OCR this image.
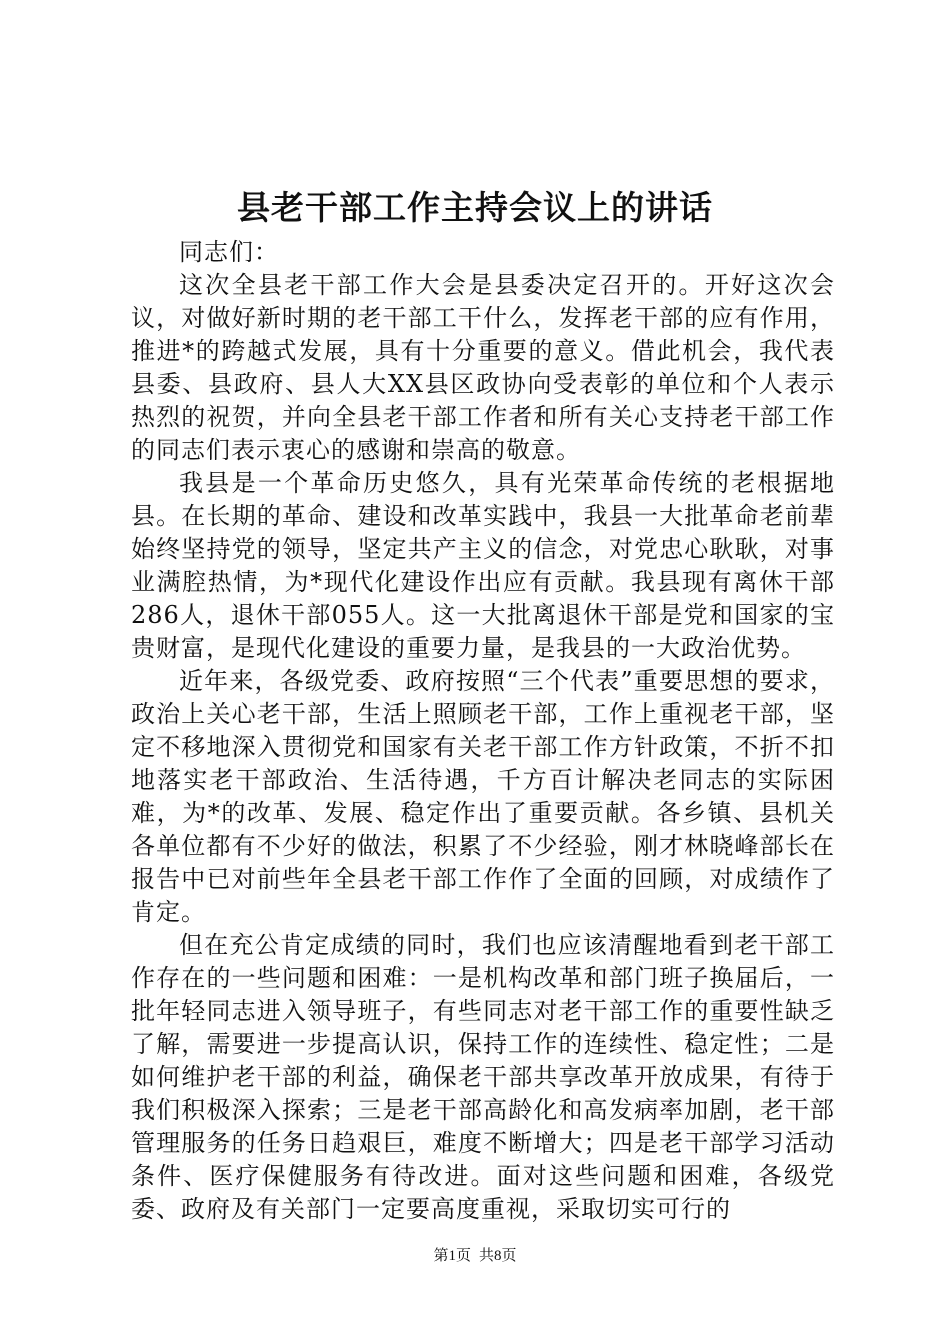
县老干部工作主持会议上的讲话

同志们：

这次全县老干部工作大会是县委决定召开的。开好这次会议，对做好新时期的老干部工干什么，发挥老干部的应有作用，推进*的跨越式发展，具有十分重要的意义。借此机会，我代表县委、县政府、县人大XX县区政协向受表彰的单位和个人表示热烈的祝贺，并向全县老干部工作者和所有关心支持老干部工作的同志们表示衷心的感谢和崇高的敬意。

我县是一个革命历史悠久，具有光荣革命传统的老根据地县。在长期的革命、建设和改革实践中，我县一大批革命老前辈始终坚持党的领导，坚定共产主义的信念，对党忠心耿耿，对事业满腔热情，为*现代化建设作出应有贡献。我县现有离休干部286人，退休干部055人。这一大批离退休干部是党和国家的宝贵财富，是现代化建设的重要力量，是我县的一大政治优势。

近年来，各级党委、政府按照“三个代表”重要思想的要求，政治上关心老干部，生活上照顾老干部，工作上重视老干部，坚定不移地深入贯彻党和国家有关老干部工作方针政策，不折不扣地落实老干部政治、生活待遇，千方百计解决老同志的实际困难，为*的改革、发展、稳定作出了重要贡献。各乡镇、县机关各单位都有不少好的做法，积累了不少经验，刚才林晓峰部长在报告中已对前些年全县老干部工作作了全面的回顾，对成绩作了肯定。

但在充公肯定成绩的同时，我们也应该清醒地看到老干部工作存在的一些问题和困难：一是机构改革和部门班子换届后，一批年轻同志进入领导班子，有些同志对老干部工作的重要性缺乏了解，需要进一步提高认识，保持工作的连续性、稳定性；二是如何维护老干部的利益，确保老干部共享改革开放成果，有待于我们积极深入探索；三是老干部高龄化和高发病率加剧，老干部管理服务的任务日趋艰巨，难度不断增大；四是老干部学习活动条件、医疗保健服务有待改进。面对这些问题和困难，各级党委、政府及有关部门一定要高度重视，采取切实可行的

第1页 共8页
